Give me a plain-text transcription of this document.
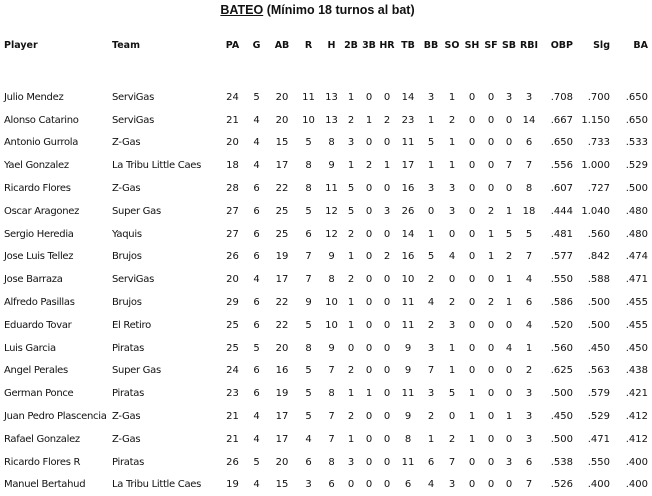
BATEO (Mínimo 18 turnos al bat)
Player	Team	PA	G	AB	R	H	2B	3B	HR	TB	BB	SO	SH	SF	SB	RBI	OBP	Slg	BA

Julio Mendez	ServiGas	24	5	20	11	13	1	0	0	14	3	1	0	0	3	3	.708	.700	.650
Alonso Catarino	ServiGas	21	4	20	10	13	2	1	2	23	1	2	0	0	0	14	.667	1.150	.650
Antonio Gurrola	Z-Gas	20	4	15	5	8	3	0	0	11	5	1	0	0	0	6	.650	.733	.533
Yael Gonzalez	La Tribu Little Caes	18	4	17	8	9	1	2	1	17	1	1	0	0	7	7	.556	1.000	.529
Ricardo Flores	Z-Gas	28	6	22	8	11	5	0	0	16	3	3	0	0	0	8	.607	.727	.500
Oscar Aragonez	Super Gas	27	6	25	5	12	5	0	3	26	0	3	0	2	1	18	.444	1.040	.480
Sergio Heredia	Yaquis	27	6	25	6	12	2	0	0	14	1	0	0	1	5	5	.481	.560	.480
Jose Luis Tellez	Brujos	26	6	19	7	9	1	0	2	16	5	4	0	1	2	7	.577	.842	.474
Jose Barraza	ServiGas	20	4	17	7	8	2	0	0	10	2	0	0	0	1	4	.550	.588	.471
Alfredo Pasillas	Brujos	29	6	22	9	10	1	0	0	11	4	2	0	2	1	6	.586	.500	.455
Eduardo Tovar	El Retiro	25	6	22	5	10	1	0	0	11	2	3	0	0	0	4	.520	.500	.455
Luis Garcia	Piratas	25	5	20	8	9	0	0	0	9	3	1	0	0	4	1	.560	.450	.450
Angel Perales	Super Gas	24	6	16	5	7	2	0	0	9	7	1	0	0	0	2	.625	.563	.438
German Ponce	Piratas	23	6	19	5	8	1	1	0	11	3	5	1	0	0	3	.500	.579	.421
Juan Pedro Plascencia	Z-Gas	21	4	17	5	7	2	0	0	9	2	0	1	0	1	3	.450	.529	.412
Rafael Gonzalez	Z-Gas	21	4	17	4	7	1	0	0	8	1	2	1	0	0	3	.500	.471	.412
Ricardo Flores R	Piratas	26	5	20	6	8	3	0	0	11	6	7	0	0	3	6	.538	.550	.400
Manuel Bertahud	La Tribu Little Caes	19	4	15	3	6	0	0	0	6	4	3	0	0	0	7	.526	.400	.400
